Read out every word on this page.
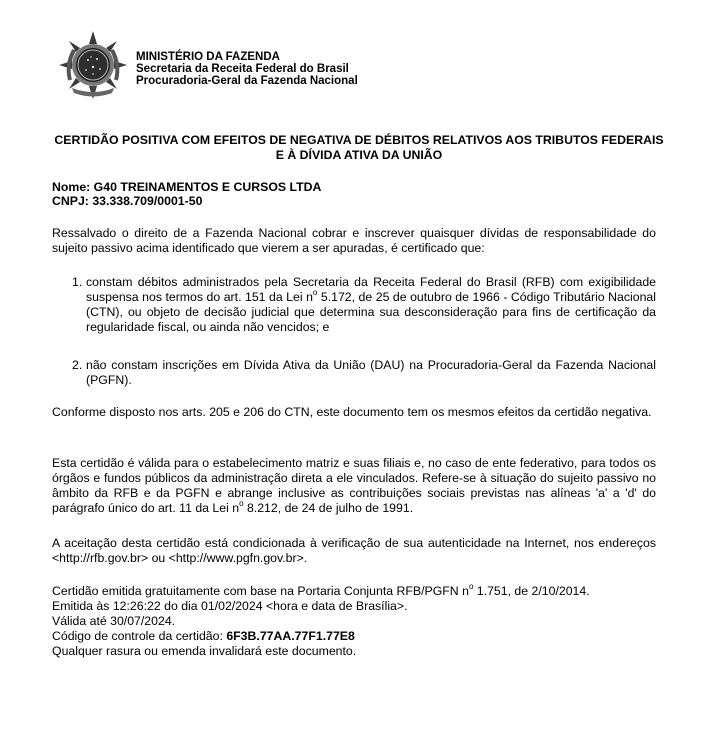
MINISTÉRIO DA FAZENDA
Secretaria da Receita Federal do Brasil
Procuradoria-Geral da Fazenda Nacional
CERTIDÃO POSITIVA COM EFEITOS DE NEGATIVA DE DÉBITOS RELATIVOS AOS TRIBUTOS FEDERAIS E À DÍVIDA ATIVA DA UNIÃO
Nome: G40 TREINAMENTOS E CURSOS LTDA
CNPJ: 33.338.709/0001-50
Ressalvado o direito de a Fazenda Nacional cobrar e inscrever quaisquer dívidas de responsabilidade do sujeito passivo acima identificado que vierem a ser apuradas, é certificado que:
1. constam débitos administrados pela Secretaria da Receita Federal do Brasil (RFB) com exigibilidade suspensa nos termos do art. 151 da Lei $n^o$ 5.172, de 25 de outubro de 1966 - Código Tributário Nacional (CTN), ou objeto de decisão judicial que determina sua desconsideração para fins de certificação da regularidade fiscal, ou ainda não vencidos; e
2. não constam inscrições em Dívida Ativa da União (DAU) na Procuradoria-Geral da Fazenda Nacional (PGFN).
Conforme disposto nos arts. 205 e 206 do CTN, este documento tem os mesmos efeitos da certidão negativa.
Esta certidão é válida para o estabelecimento matriz e suas filiais e, no caso de ente federativo, para todos os órgãos e fundos públicos da administração direta a ele vinculados. Refere-se à situação do sujeito passivo no âmbito da RFB e da PGFN e abrange inclusive as contribuições sociais previstas nas alíneas 'a' a 'd' do parágrafo único do art. 11 da Lei $n^o$ 8.212, de 24 de julho de 1991.
A aceitação desta certidão está condicionada à verificação de sua autenticidade na Internet, nos endereços <http://rfb.gov.br> ou <http://www.pgfn.gov.br>.
Certidão emitida gratuitamente com base na Portaria Conjunta RFB/PGFN $n^o$ 1.751, de 2/10/2014.
Emitida às 12:26:22 do dia 01/02/2024 <hora e data de Brasília>.
Válida até 30/07/2024.
Código de controle da certidão: 6F3B.77AA.77F1.77E8
Qualquer rasura ou emenda invalidará este documento.
